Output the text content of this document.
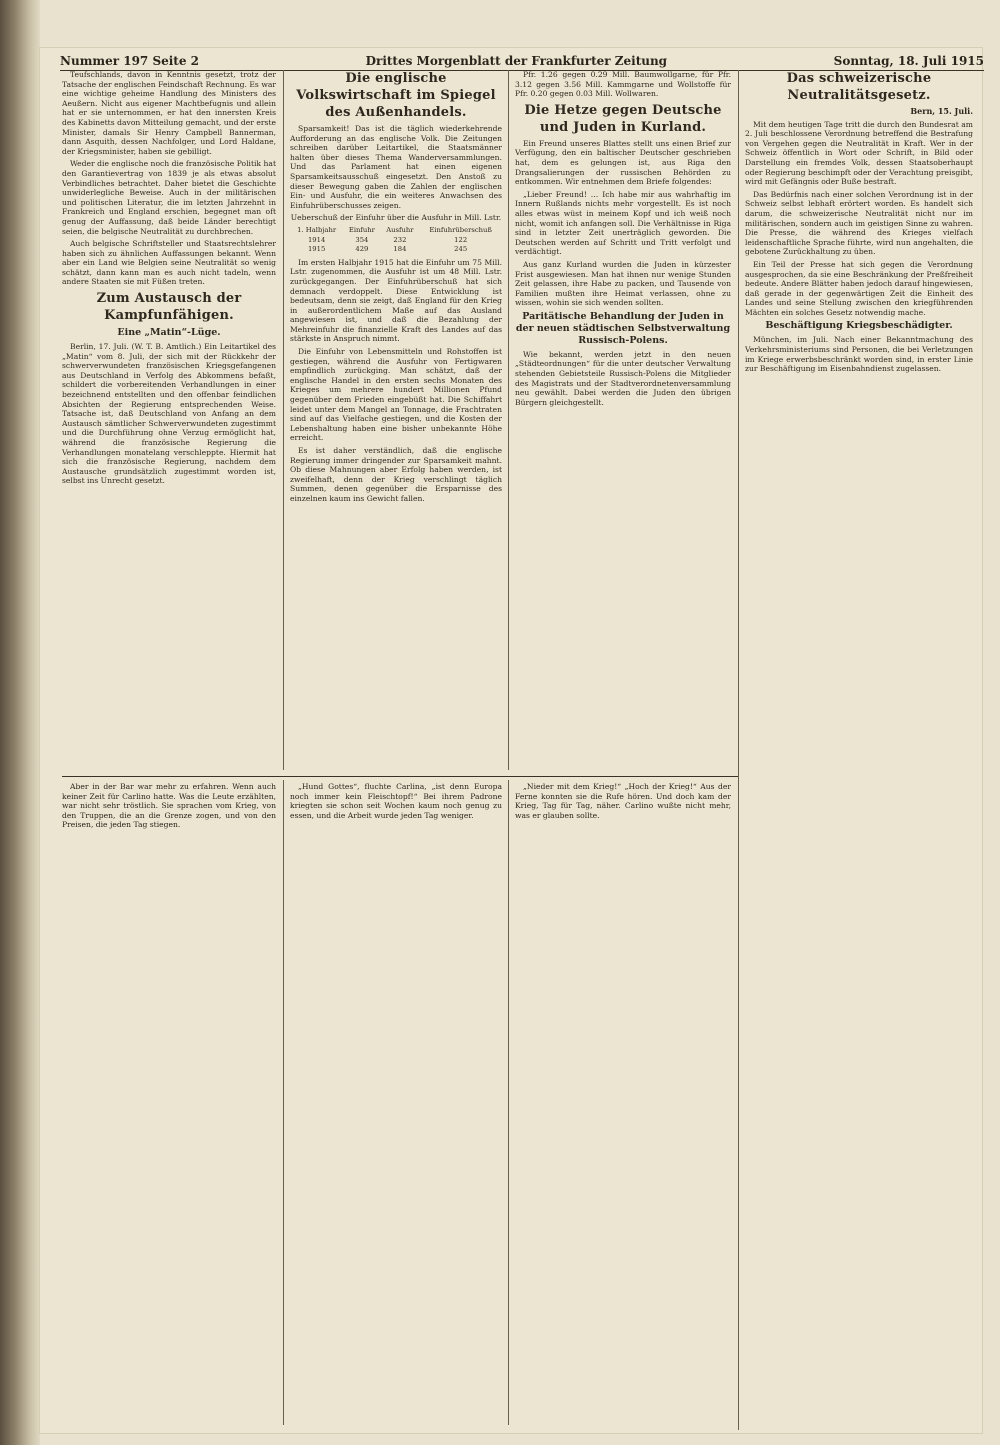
Nummer 197 Seite 2	Drittes Morgenblatt der Frankfurter Zeitung	Sonntag, 18. Juli 1915

Teufschlands, davon in Kenntnis gesetzt, trotz der Tatsache der englischen Feindschaft Rechnung. Es war eine wichtige geheime Handlung des Ministers des Aeußern. Nicht aus eigener Machtbefugnis und allein hat er sie unternommen, er hat den innersten Kreis des Kabinetts davon Mitteilung gemacht, und der erste Minister, damals Sir Henry Campbell Bannerman, dann Asquith, dessen Nachfolger, und Lord Haldane, der Kriegsminister, haben sie gebilligt.

Weder die englische noch die französische Politik hat den Garantievertrag von 1839 je als etwas absolut Verbindliches betrachtet. Daher bietet die Geschichte unwiderlegliche Beweise. Auch in der militärischen und politischen Literatur, die im letzten Jahrzehnt in Frankreich und England erschien, begegnet man oft genug der Auffassung, daß beide Länder berechtigt seien, die belgische Neutralität zu durchbrechen.

Auch belgische Schriftsteller und Staatsrechtslehrer haben sich zu ähnlichen Auffassungen bekannt. Wenn aber ein Land wie Belgien seine Neutralität so wenig schätzt, dann kann man es auch nicht tadeln, wenn andere Staaten sie mit Füßen treten.

Zum Austausch der Kampfunfähigen.

Eine „Matin“-Lüge.

Berlin, 17. Juli. (W. T. B. Amtlich.) Ein Leitartikel des „Matin“ vom 8. Juli, der sich mit der Rückkehr der schwerverwundeten französischen Kriegsgefangenen aus Deutschland in Verfolg des Abkommens befaßt, schildert die vorbereitenden Verhandlungen in einer bezeichnend entstellten und den offenbar feindlichen Absichten der Regierung entsprechenden Weise. Tatsache ist, daß Deutschland von Anfang an dem Austausch sämtlicher Schwerverwundeten zugestimmt und die Durchführung ohne Verzug ermöglicht hat, während die französische Regierung die Verhandlungen monatelang verschleppte. Hiermit hat sich die französische Regierung, nachdem dem Austausche grundsätzlich zugestimmt worden ist, selbst ins Unrecht gesetzt.

Die englische Volkswirtschaft im Spiegel des Außenhandels.

Sparsamkeit! Das ist die täglich wiederkehrende Aufforderung an das englische Volk. Die Zeitungen schreiben darüber Leitartikel, die Staatsmänner halten über dieses Thema Wanderversammlungen. Und das Parlament hat einen eigenen Sparsamkeitsausschuß eingesetzt. Den Anstoß zu dieser Bewegung gaben die Zahlen der englischen Ein- und Ausfuhr, die ein weiteres Anwachsen des Einfuhrüberschusses zeigen.

Ueberschuß der Einfuhr über die Ausfuhr in Mill. Lstr.

1. Halbjahr	Einfuhr	Ausfuhr	Einfuhrüberschuß
1914	354	232	122
1915	429	184	245

Im ersten Halbjahr 1915 hat die Einfuhr um 75 Mill. Lstr. zugenommen, die Ausfuhr ist um 48 Mill. Lstr. zurückgegangen. Der Einfuhrüberschuß hat sich demnach verdoppelt. Diese Entwicklung ist bedeutsam, denn sie zeigt, daß England für den Krieg in außerordentlichem Maße auf das Ausland angewiesen ist, und daß die Bezahlung der Mehreinfuhr die finanzielle Kraft des Landes auf das stärkste in Anspruch nimmt.

Die Einfuhr von Lebensmitteln und Rohstoffen ist gestiegen, während die Ausfuhr von Fertigwaren empfindlich zurückging. Man schätzt, daß der englische Handel in den ersten sechs Monaten des Krieges um mehrere hundert Millionen Pfund gegenüber dem Frieden eingebüßt hat. Die Schiffahrt leidet unter dem Mangel an Tonnage, die Frachtraten sind auf das Vielfache gestiegen, und die Kosten der Lebenshaltung haben eine bisher unbekannte Höhe erreicht.

Es ist daher verständlich, daß die englische Regierung immer dringender zur Sparsamkeit mahnt. Ob diese Mahnungen aber Erfolg haben werden, ist zweifelhaft, denn der Krieg verschlingt täglich Summen, denen gegenüber die Ersparnisse des einzelnen kaum ins Gewicht fallen.

Pfr. 1.26 gegen 0.29 Mill. Baumwollgarne, für Pfr. 3.12 gegen 3.56 Mill. Kammgarne und Wollstoffe für Pfr. 0.20 gegen 0.03 Mill. Wollwaren.

Die Hetze gegen Deutsche und Juden in Kurland.

Ein Freund unseres Blattes stellt uns einen Brief zur Verfügung, den ein baltischer Deutscher geschrieben hat, dem es gelungen ist, aus Riga den Drangsalierungen der russischen Behörden zu entkommen. Wir entnehmen dem Briefe folgendes:

„Lieber Freund! … Ich habe mir aus wahrhaftig im Innern Rußlands nichts mehr vorgestellt. Es ist noch alles etwas wüst in meinem Kopf und ich weiß noch nicht, womit ich anfangen soll. Die Verhältnisse in Riga sind in letzter Zeit unerträglich geworden. Die Deutschen werden auf Schritt und Tritt verfolgt und verdächtigt.

Aus ganz Kurland wurden die Juden in kürzester Frist ausgewiesen. Man hat ihnen nur wenige Stunden Zeit gelassen, ihre Habe zu packen, und Tausende von Familien mußten ihre Heimat verlassen, ohne zu wissen, wohin sie sich wenden sollten.

Paritätische Behandlung der Juden in der neuen städtischen Selbstverwaltung Russisch-Polens.

Wie bekannt, werden jetzt in den neuen „Städteordnungen“ für die unter deutscher Verwaltung stehenden Gebietsteile Russisch-Polens die Mitglieder des Magistrats und der Stadtverordnetenversammlung neu gewählt. Dabei werden die Juden den übrigen Bürgern gleichgestellt.

Das schweizerische Neutralitätsgesetz.

Bern, 15. Juli.

Mit dem heutigen Tage tritt die durch den Bundesrat am 2. Juli beschlossene Verordnung betreffend die Bestrafung von Vergehen gegen die Neutralität in Kraft. Wer in der Schweiz öffentlich in Wort oder Schrift, in Bild oder Darstellung ein fremdes Volk, dessen Staatsoberhaupt oder Regierung beschimpft oder der Verachtung preisgibt, wird mit Gefängnis oder Buße bestraft.

Das Bedürfnis nach einer solchen Verordnung ist in der Schweiz selbst lebhaft erörtert worden. Es handelt sich darum, die schweizerische Neutralität nicht nur im militärischen, sondern auch im geistigen Sinne zu wahren. Die Presse, die während des Krieges vielfach leidenschaftliche Sprache führte, wird nun angehalten, die gebotene Zurückhaltung zu üben.

Ein Teil der Presse hat sich gegen die Verordnung ausgesprochen, da sie eine Beschränkung der Preßfreiheit bedeute. Andere Blätter haben jedoch darauf hingewiesen, daß gerade in der gegenwärtigen Zeit die Einheit des Landes und seine Stellung zwischen den kriegführenden Mächten ein solches Gesetz notwendig mache.

Beschäftigung Kriegsbeschädigter.

München, im Juli. Nach einer Bekanntmachung des Verkehrsministeriums sind Personen, die bei Verletzungen im Kriege erwerbsbeschränkt worden sind, in erster Linie zur Beschäftigung im Eisenbahndienst zugelassen.

Aber in der Bar war mehr zu erfahren. Wenn auch keiner Zeit für Carlino hatte. Was die Leute erzählten, war nicht sehr tröstlich. Sie sprachen vom Krieg, von den Truppen, die an die Grenze zogen, und von den Preisen, die jeden Tag stiegen.

„Hund Gottes“, fluchte Carlina, „ist denn Europa noch immer kein Fleischtopf!“ Bei ihrem Padrone kriegten sie schon seit Wochen kaum noch genug zu essen, und die Arbeit wurde jeden Tag weniger.

„Nieder mit dem Krieg!“ „Hoch der Krieg!“ Aus der Ferne konnten sie die Rufe hören. Und doch kam der Krieg, Tag für Tag, näher. Carlino wußte nicht mehr, was er glauben sollte.
